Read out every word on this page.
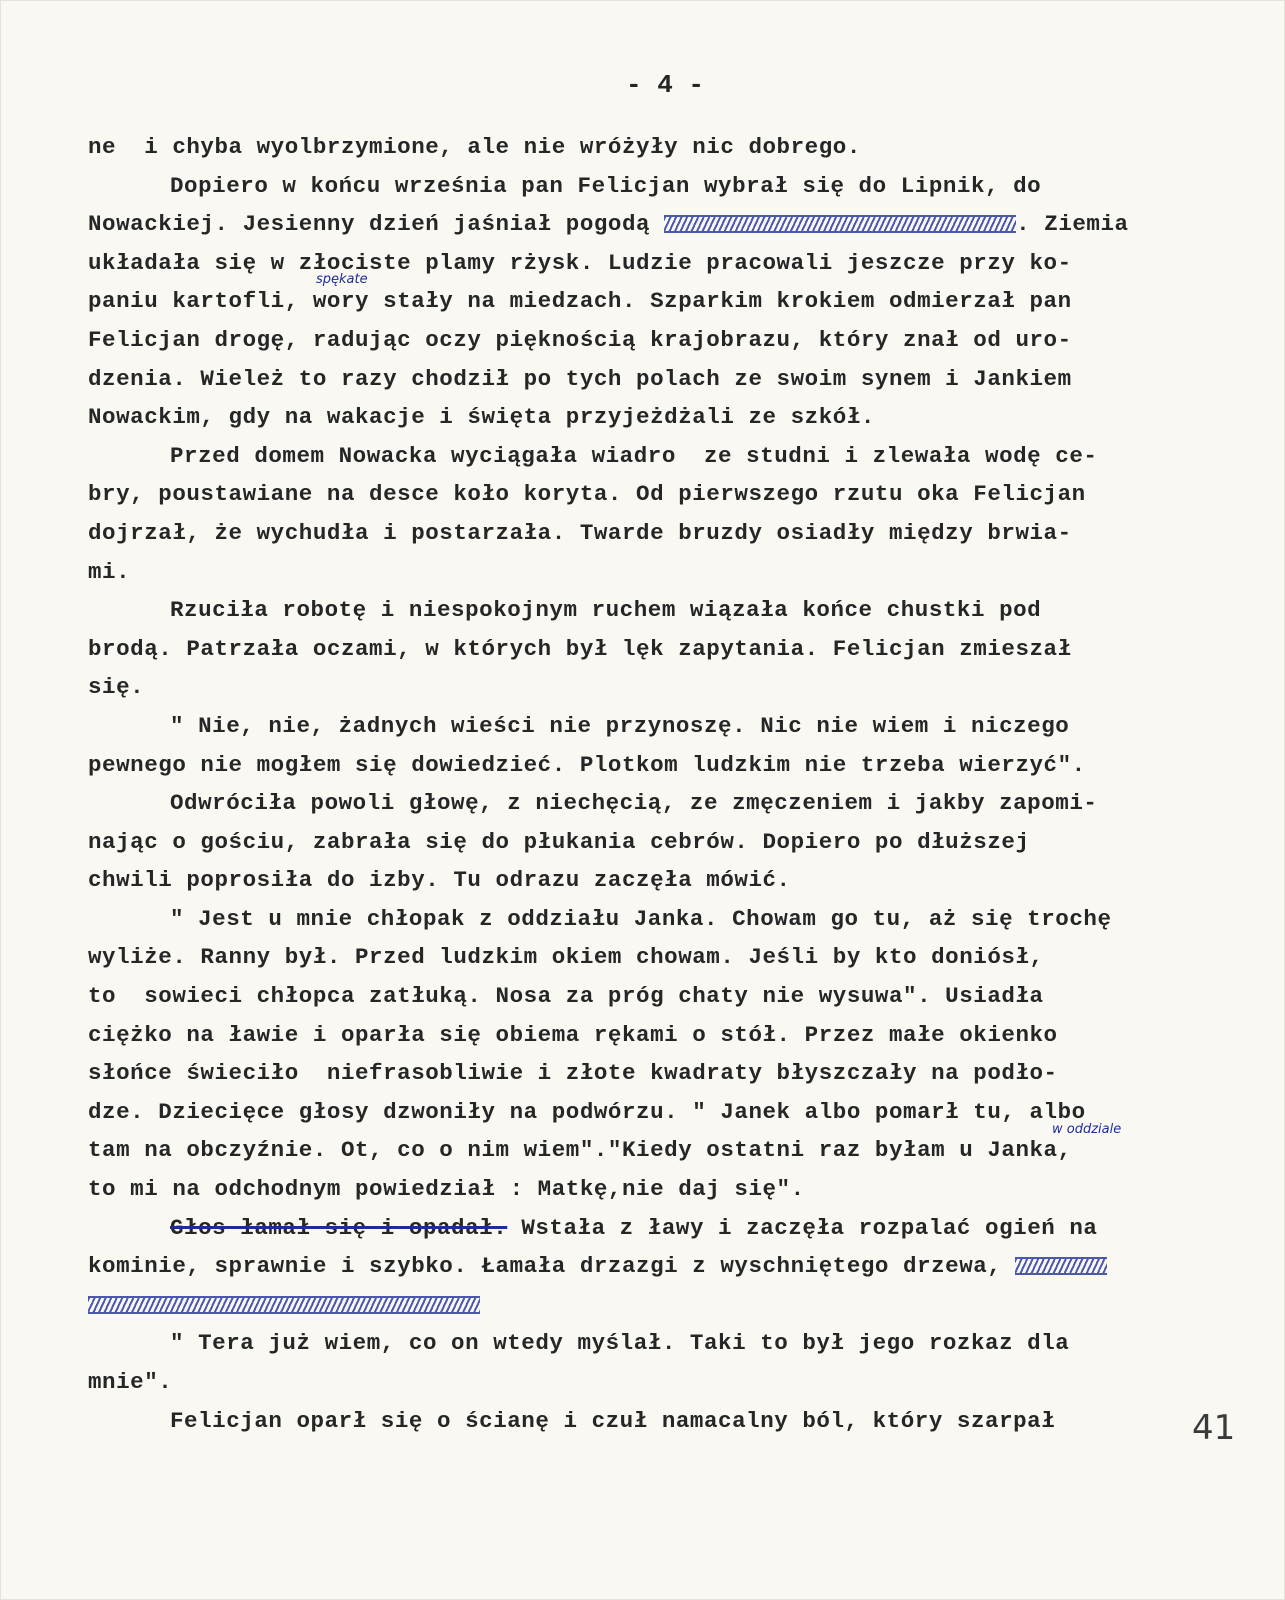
- 4 -
ne  i chyba wyolbrzymione, ale nie wróżyły nic dobrego.
Dopiero w końcu września pan Felicjan wybrał się do Lipnik, do
Nowackiej. Jesienny dzień jaśniał pogodą	. Ziemia
układała się w złociste plamy rżysk. Ludzie pracowali jeszcze przy ko-
paniu kartofli, wory stały na miedzach. Szparkim krokiem odmierzał pan
Felicjan drogę, radując oczy pięknością krajobrazu, który znał od uro-
dzenia. Wieleż to razy chodził po tych polach ze swoim synem i Jankiem
Nowackim, gdy na wakacje i święta przyjeżdżali ze szkół.
Przed domem Nowacka wyciągała wiadro  ze studni i zlewała wodę ce-
bry, poustawiane na desce koło koryta. Od pierwszego rzutu oka Felicjan
dojrzał, że wychudła i postarzała. Twarde bruzdy osiadły między brwia-
mi.
Rzuciła robotę i niespokojnym ruchem wiązała końce chustki pod
brodą. Patrzała oczami, w których był lęk zapytania. Felicjan zmieszał
się.
" Nie, nie, żadnych wieści nie przynoszę. Nic nie wiem i niczego
pewnego nie mogłem się dowiedzieć. Plotkom ludzkim nie trzeba wierzyć".
Odwróciła powoli głowę, z niechęcią, ze zmęczeniem i jakby zapomi-
nając o gościu, zabrała się do płukania cebrów. Dopiero po dłuższej
chwili poprosiła do izby. Tu odrazu zaczęła mówić.
" Jest u mnie chłopak z oddziału Janka. Chowam go tu, aż się trochę
wyliże. Ranny był. Przed ludzkim okiem chowam. Jeśli by kto doniósł,
to  sowieci chłopca zatłuką. Nosa za próg chaty nie wysuwa". Usiadła
ciężko na ławie i oparła się obiema rękami o stół. Przez małe okienko
słońce świeciło  niefrasobliwie i złote kwadraty błyszczały na podło-
dze. Dziecięce głosy dzwoniły na podwórzu. " Janek albo pomarł tu, albo
tam na obczyźnie. Ot, co o nim wiem"."Kiedy ostatni raz byłam u Janka,
to mi na odchodnym powiedział : Matkę,nie daj się".
Głos łamał się i opadał. Wstała z ławy i zaczęła rozpalać ogień na
kominie, sprawnie i szybko. Łamała drzazgi z wyschniętego drzewa,
" Tera już wiem, co on wtedy myślał. Taki to był jego rozkaz dla
mnie".
Felicjan oparł się o ścianę i czuł namacalny ból, który szarpał
spękate
w oddziale
41
